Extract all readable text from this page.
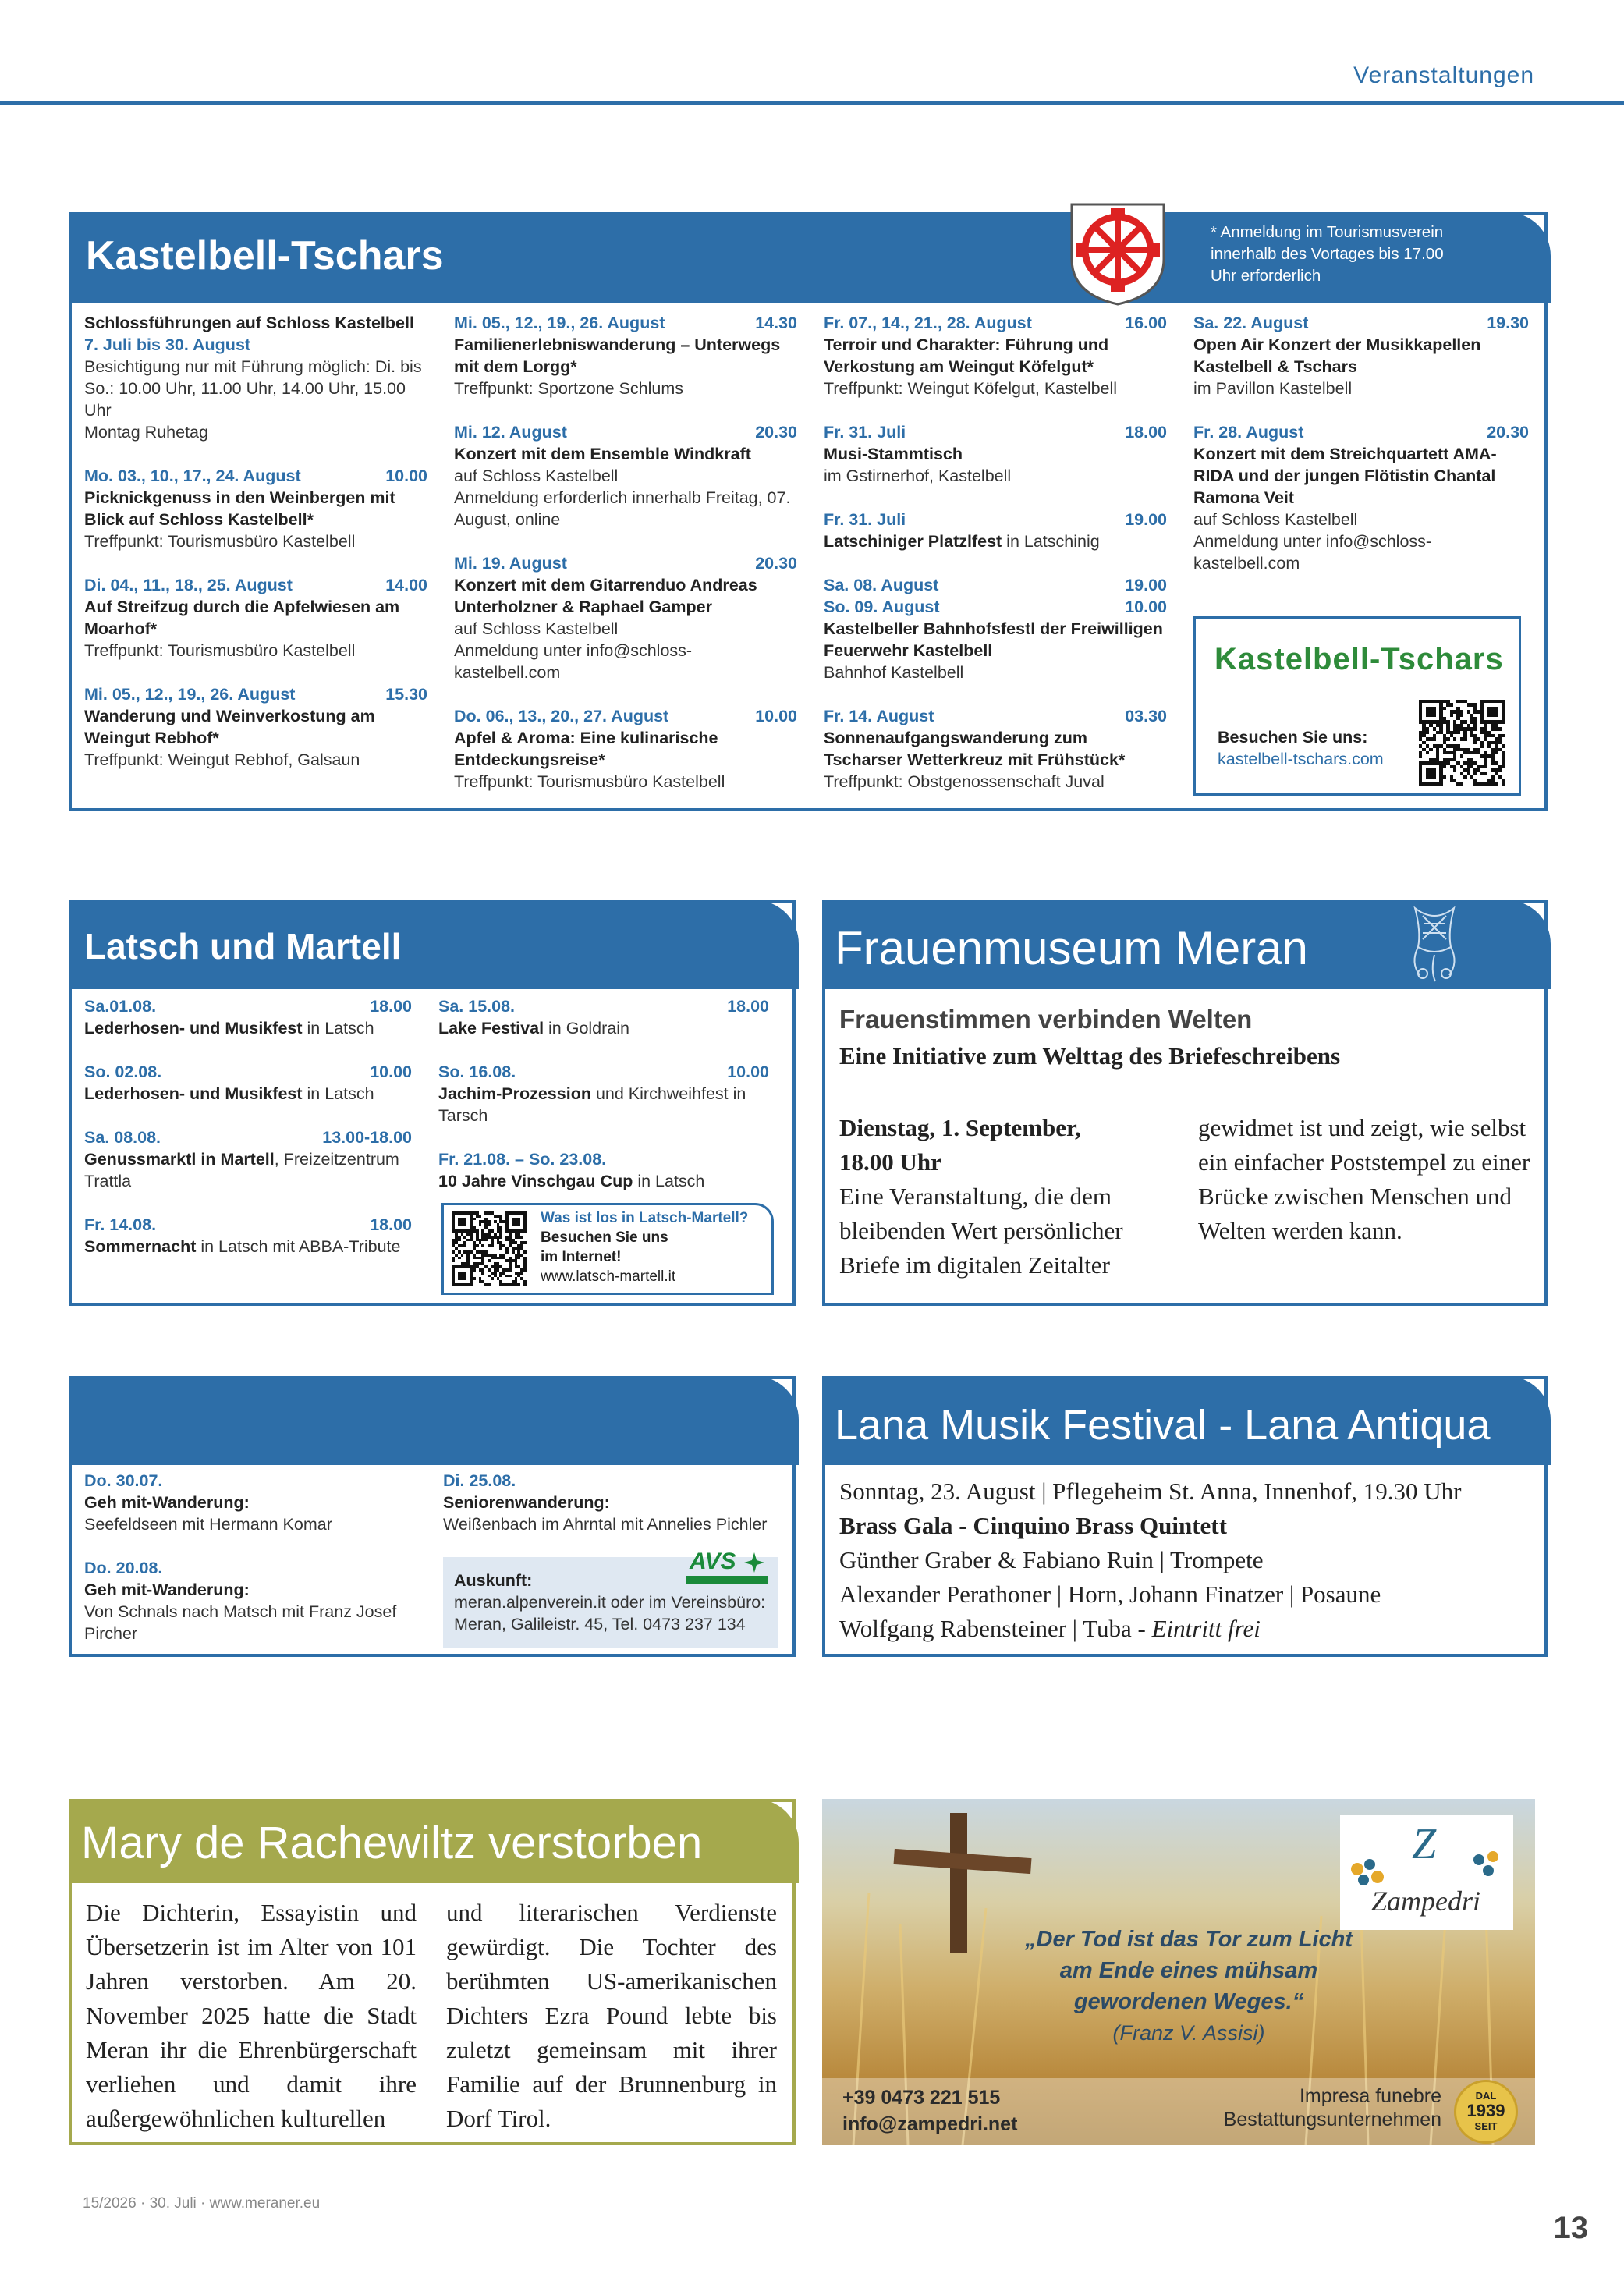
Veranstaltungen
Kastelbell-Tschars
* Anmeldung im Tourismusverein innerhalb des Vortages bis 17.00 Uhr erforderlich
Schlossführungen auf Schloss Kastelbell
7. Juli bis 30. August
Besichtigung nur mit Führung möglich: Di. bis So.: 10.00 Uhr, 11.00 Uhr, 14.00 Uhr, 15.00 Uhr
Montag Ruhetag
Mo. 03., 10., 17., 24. August	10.00
Picknickgenuss in den Weinbergen mit Blick auf Schloss Kastelbell*
Treffpunkt: Tourismusbüro Kastelbell
Di. 04., 11., 18., 25. August	14.00
Auf Streifzug durch die Apfelwiesen am Moarhof*
Treffpunkt: Tourismusbüro Kastelbell
Mi. 05., 12., 19., 26. August	15.30
Wanderung und Weinverkostung am Weingut Rebhof*
Treffpunkt: Weingut Rebhof, Galsaun
Mi. 05., 12., 19., 26. August	14.30
Familienerlebniswanderung – Unterwegs mit dem Lorgg*
Treffpunkt: Sportzone Schlums
Mi. 12. August	20.30
Konzert mit dem Ensemble Windkraft
auf Schloss Kastelbell
Anmeldung erforderlich innerhalb Freitag, 07. August, online
Mi. 19. August	20.30
Konzert mit dem Gitarrenduo Andreas Unterholzner & Raphael Gamper
auf Schloss Kastelbell
Anmeldung unter info@schloss-kastelbell.com
Do. 06., 13., 20., 27. August	10.00
Apfel & Aroma: Eine kulinarische Entdeckungsreise*
Treffpunkt: Tourismusbüro Kastelbell
Fr. 07., 14., 21., 28. August	16.00
Terroir und Charakter: Führung und Verkostung am Weingut Köfelgut*
Treffpunkt: Weingut Köfelgut, Kastelbell
Fr. 31. Juli	18.00
Musi-Stammtisch
im Gstirnerhof, Kastelbell
Fr. 31. Juli	19.00
Latschiniger Platzlfest in Latschinig
Sa. 08. August	19.00
So. 09. August	10.00
Kastelbeller Bahnhofsfestl der Freiwilligen Feuerwehr Kastelbell
Bahnhof Kastelbell
Fr. 14. August	03.30
Sonnenaufgangswanderung zum Tscharser Wetterkreuz mit Frühstück*
Treffpunkt: Obstgenossenschaft Juval
Sa. 22. August	19.30
Open Air Konzert der Musikkapellen Kastelbell & Tschars
im Pavillon Kastelbell
Fr. 28. August	20.30
Konzert mit dem Streichquartett AMA-RIDA und der jungen Flötistin Chantal Ramona Veit
auf Schloss Kastelbell
Anmeldung unter info@schloss-kastelbell.com
Kastelbell-Tschars
Besuchen Sie uns:
kastelbell-tschars.com
Latsch und Martell
Sa.01.08.	18.00
Lederhosen- und Musikfest in Latsch
So. 02.08.	10.00
Lederhosen- und Musikfest in Latsch
Sa. 08.08.	13.00-18.00
Genussmarktl in Martell, Freizeitzentrum Trattla
Fr. 14.08.	18.00
Sommernacht in Latsch mit ABBA-Tribute
Sa. 15.08.	18.00
Lake Festival in Goldrain
So. 16.08.	10.00
Jachim-Prozession und Kirchweihfest in Tarsch
Fr. 21.08. – So. 23.08.
10 Jahre Vinschgau Cup in Latsch
Was ist los in Latsch-Martell?
Besuchen Sie uns
im Internet!
www.latsch-martell.it
Frauenmuseum Meran
Frauenstimmen verbinden Welten
Eine Initiative zum Welttag des Briefeschreibens
Dienstag, 1. September,
18.00 Uhr
Eine Veranstaltung, die dem bleibenden Wert persönlicher Briefe im digitalen Zeitalter
gewidmet ist und zeigt, wie selbst ein einfacher Poststempel zu einer Brücke zwischen Menschen und Welten werden kann.
Do. 30.07.
Geh mit-Wanderung:
Seefeldseen mit Hermann Komar
Do. 20.08.
Geh mit-Wanderung:
Von Schnals nach Matsch mit Franz Josef Pircher
Di. 25.08.
Seniorenwanderung:
Weißenbach im Ahrntal mit Annelies Pichler
Auskunft:
meran.alpenverein.it oder im Vereinsbüro: Meran, Galileistr. 45, Tel. 0473 237 134
AVS
Lana Musik Festival - Lana Antiqua
Sonntag, 23. August | Pflegeheim St. Anna, Innenhof, 19.30 Uhr
Brass Gala - Cinquino Brass Quintett
Günther Graber & Fabiano Ruin | Trompete
Alexander Perathoner | Horn, Johann Finatzer | Posaune
Wolfgang Rabensteiner | Tuba - Eintritt frei
Mary de Rachewiltz verstorben
Die Dichterin, Essayistin und Übersetzerin ist im Alter von 101 Jahren verstorben. Am 20. November 2025 hatte die Stadt Meran ihr die Ehrenbürgerschaft verliehen und damit ihre außergewöhnlichen kulturellen
und literarischen Verdienste gewürdigt. Die Tochter des berühmten US-amerikanischen Dichters Ezra Pound lebte bis zuletzt gemeinsam mit ihrer Familie auf der Brunnenburg in Dorf Tirol.
Z
Zampedri
„Der Tod ist das Tor zum Licht
am Ende eines mühsam
gewordenen Weges.“
(Franz V. Assisi)
+39 0473 221 515
info@zampedri.net
Impresa funebre
Bestattungsunternehmen
DAL
1939
SEIT
15/2026 · 30. Juli · www.meraner.eu
13
